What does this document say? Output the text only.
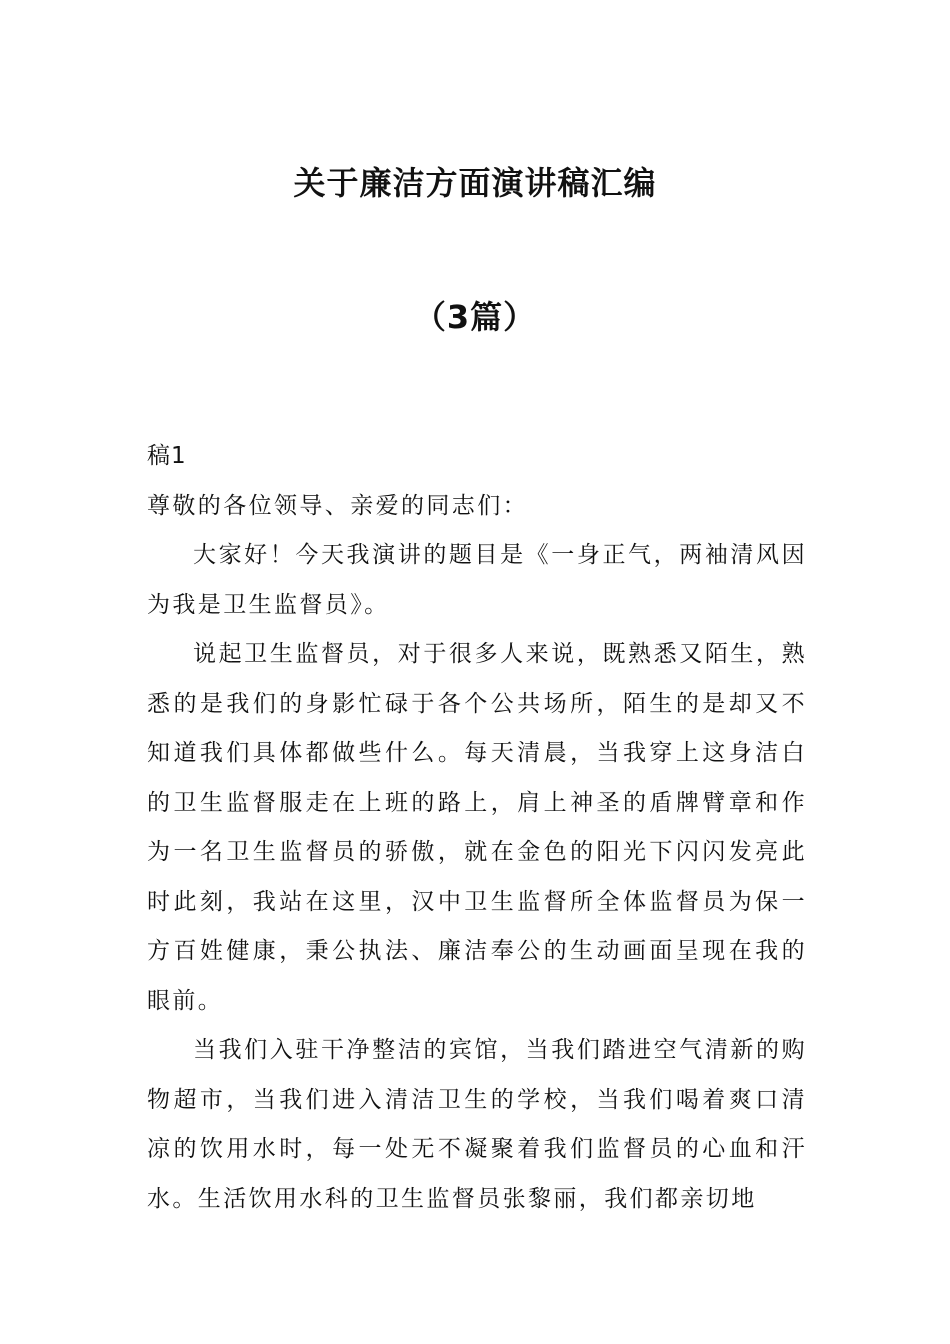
关于廉洁方面演讲稿汇编
（3篇）

稿1

尊敬的各位领导、亲爱的同志们：

大家好！今天我演讲的题目是《一身正气，两袖清风因为我是卫生监督员》。

说起卫生监督员，对于很多人来说，既熟悉又陌生，熟悉的是我们的身影忙碌于各个公共场所，陌生的是却又不知道我们具体都做些什么。每天清晨，当我穿上这身洁白的卫生监督服走在上班的路上，肩上神圣的盾牌臂章和作为一名卫生监督员的骄傲，就在金色的阳光下闪闪发亮此时此刻，我站在这里，汉中卫生监督所全体监督员为保一方百姓健康，秉公执法、廉洁奉公的生动画面呈现在我的眼前。

当我们入驻干净整洁的宾馆，当我们踏进空气清新的购物超市，当我们进入清洁卫生的学校，当我们喝着爽口清凉的饮用水时，每一处无不凝聚着我们监督员的心血和汗水。生活饮用水科的卫生监督员张黎丽，我们都亲切地
